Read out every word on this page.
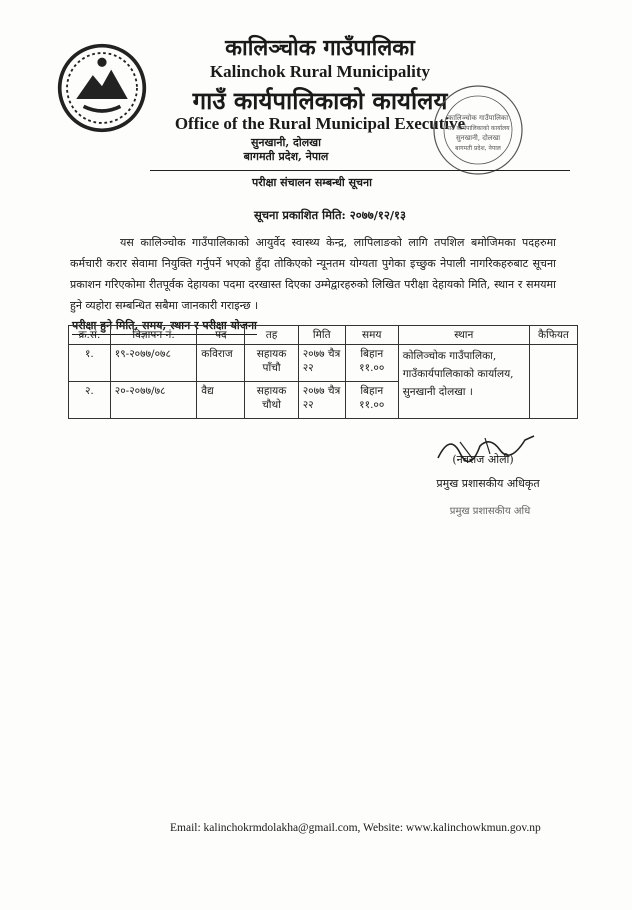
कालिञ्चोक गाउँपालिका
Kalinchok Rural Municipality
गाउँ कार्यपालिकाको कार्यालय
Office of the Rural Municipal Executive
सुनखानी, दोलखा
बागमती प्रदेश, नेपाल
कालिञ्चोक गाउँपालिका
गाउँ कार्यपालिकाको कार्यालय
सुनखानी, दोलखा
बागमती प्रदेश, नेपाल
परीक्षा संचालन सम्बन्धी सूचना
सूचना प्रकाशित मिति: २०७७/१२/१३
यस कालिञ्चोक गाउँपालिकाको आयुर्वेद स्वास्थ्य केन्द्र, लापिलाङको लागि तपशिल बमोजिमका पदहरुमा कर्मचारी करार सेवामा नियुक्ति गर्नुपर्ने भएको हुँदा तोकिएको न्यूनतम योग्यता पुगेका इच्छुक नेपाली नागरिकहरुबाट सूचना प्रकाशन गरिएकोमा रीतपूर्वक देहायका पदमा दरखास्त दिएका उम्मेद्वारहरुको लिखित परीक्षा देहायको मिति, स्थान र समयमा हुने व्यहोरा सम्बन्धित सबैमा जानकारी गराइन्छ ।
परीक्षा हुने मिति, समय, स्थान र परीक्षा योजना
क्र.सं.	विज्ञापन नं.	पद	तह	मिति	समय	स्थान	कैफियत
१.	१९-२०७७/०७८	कविराज	सहायक पाँचौ	२०७७ चैत्र २२	बिहान ११.००	कोलिञ्चोक गाउँपालिका, गाउँकार्यपालिकाको कार्यालय, सुनखानी दोलखा ।	
२.	२०-२०७७/७८	वैद्य	सहायक चौथो	२०७७ चैत्र २२	बिहान ११.००		
(नवराज ओली)
प्रमुख प्रशासकीय अधिकृत
प्रमुख प्रशासकीय अधि
Email: kalinchokrmdolakha@gmail.com, Website: www.kalinchowkmun.gov.np
